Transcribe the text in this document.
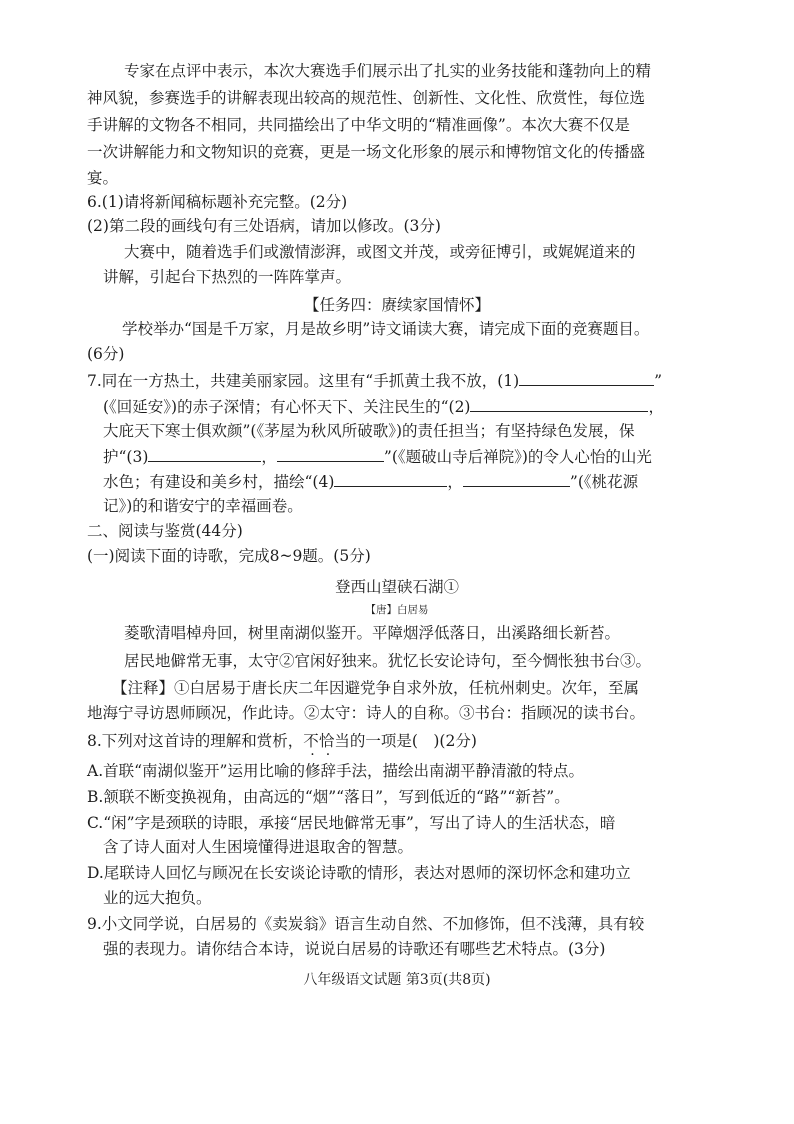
专家在点评中表示，本次大赛选手们展示出了扎实的业务技能和蓬勃向上的精

神风貌，参赛选手的讲解表现出较高的规范性、创新性、文化性、欣赏性，每位选

手讲解的文物各不相同，共同描绘出了中华文明的“精准画像”。本次大赛不仅是

一次讲解能力和文物知识的竞赛，更是一场文化形象的展示和博物馆文化的传播盛

宴。

6.(1)请将新闻稿标题补充完整。(2分)

(2)第二段的画线句有三处语病，请加以修改。(3分)

大赛中，随着选手们或激情澎湃，或图文并茂，或旁征博引，或娓娓道来的

讲解，引起台下热烈的一阵阵掌声。

【任务四：赓续家国情怀】

学校举办“国是千万家，月是故乡明”诗文诵读大赛，请完成下面的竞赛题目。

(6分)

7.同在一方热土，共建美丽家园。这里有“手抓黄土我不放，(1)	”

(《回延安》)的赤子深情；有心怀天下、关注民生的“(2)	，

大庇天下寒士俱欢颜”(《茅屋为秋风所破歌》)的责任担当；有坚持绿色发展，保

护“(3)	，	”(《题破山寺后禅院》)的令人心怡的山光

水色；有建设和美乡村，描绘“(4)	，	”(《桃花源

记》)的和谐安宁的幸福画卷。

二、阅读与鉴赏(44分)

(一)阅读下面的诗歌，完成8~9题。(5分)

登西山望硖石湖①

【唐】白居易

菱歌清唱棹舟回，树里南湖似鉴开。平障烟浮低落日，出溪路细长新苔。

居民地僻常无事，太守②官闲好独来。犹忆长安论诗句，至今惆怅独书台③。

【注释】①白居易于唐长庆二年因避党争自求外放，任杭州刺史。次年，至属

地海宁寻访恩师顾况，作此诗。②太守：诗人的自称。③书台：指顾况的读书台。

8.下列对这首诗的理解和赏析，不恰当的一项是(　)(2分)

A.首联“南湖似鉴开”运用比喻的修辞手法，描绘出南湖平静清澈的特点。

B.颔联不断变换视角，由高远的“烟”“落日”，写到低近的“路”“新苔”。

C.“闲”字是颈联的诗眼，承接“居民地僻常无事”，写出了诗人的生活状态，暗

含了诗人面对人生困境懂得进退取舍的智慧。

D.尾联诗人回忆与顾况在长安谈论诗歌的情形，表达对恩师的深切怀念和建功立

业的远大抱负。

9.小文同学说，白居易的《卖炭翁》语言生动自然、不加修饰，但不浅薄，具有较

强的表现力。请你结合本诗，说说白居易的诗歌还有哪些艺术特点。(3分)

八年级语文试题 第3页(共8页)
